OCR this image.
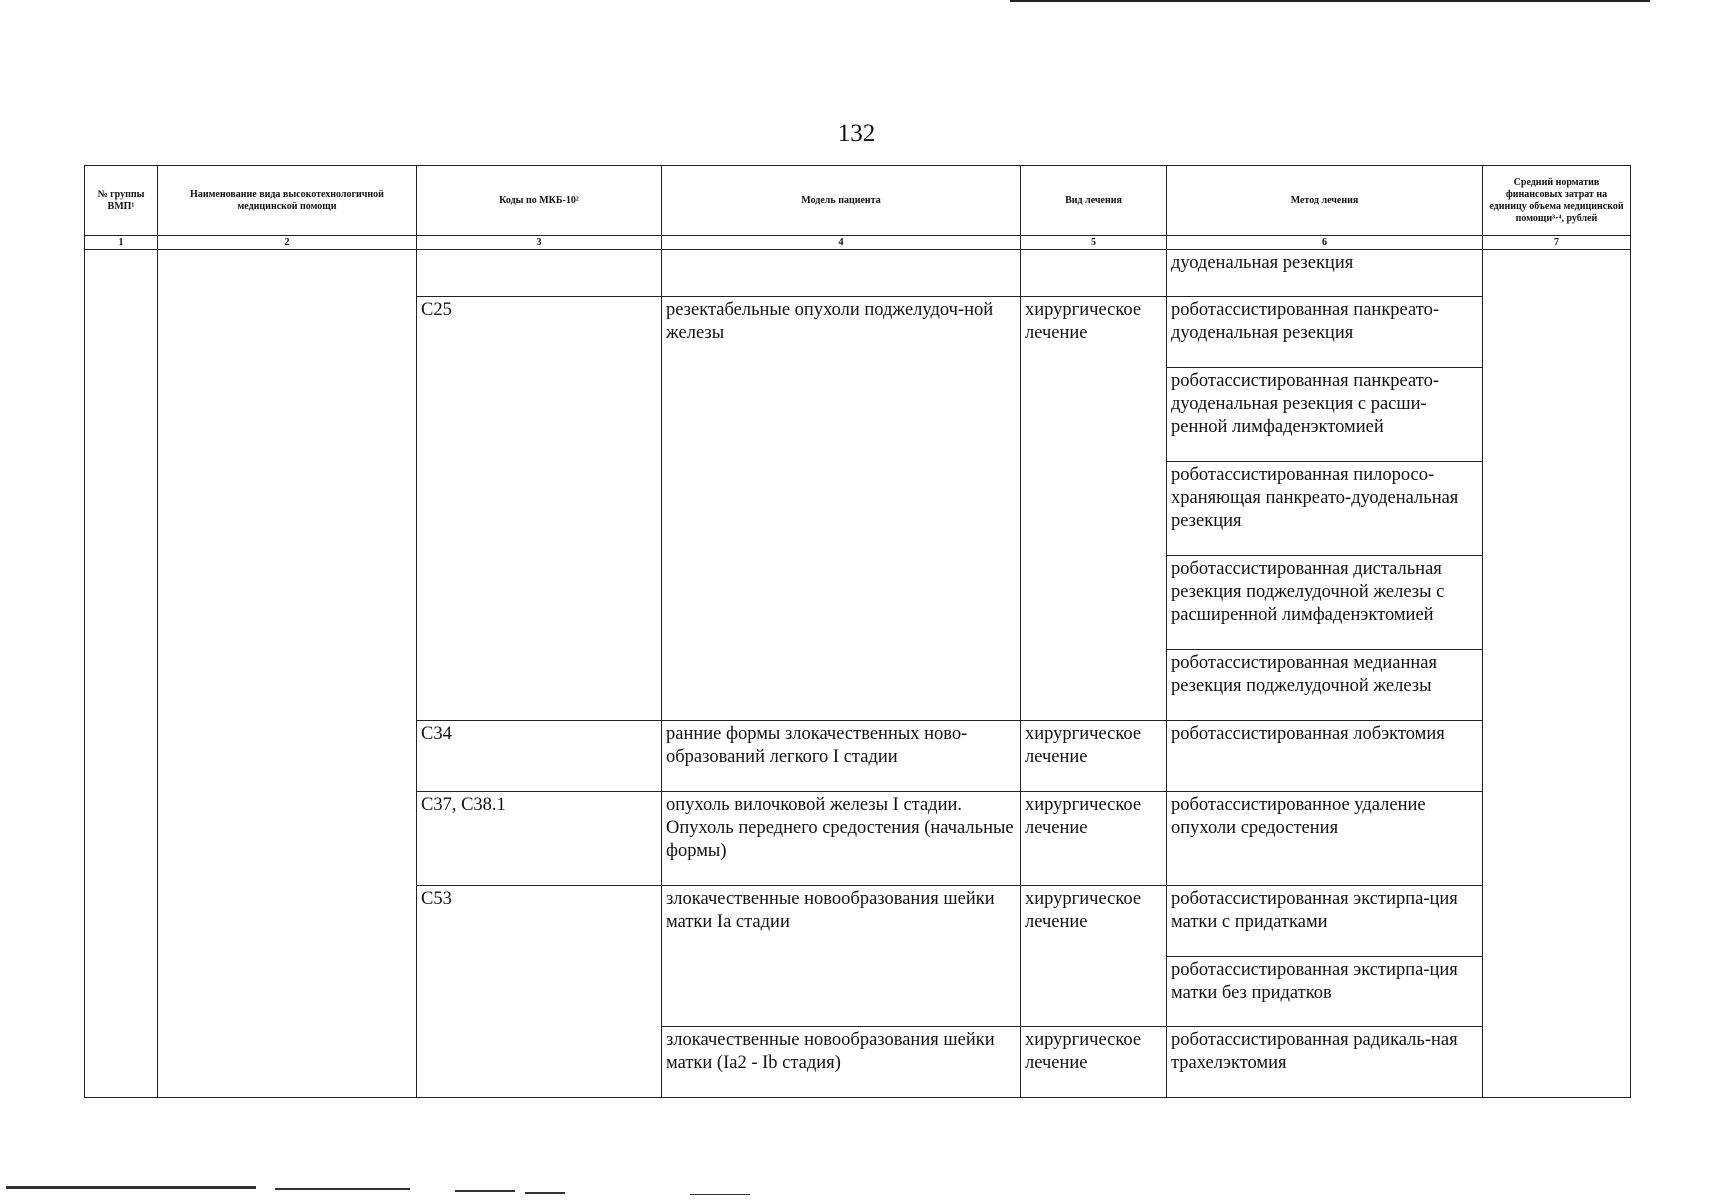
132
№ группы ВМП¹	Наименование вида высокотехнологичной медицинской помощи	Коды по МКБ-10²	Модель пациента	Вид лечения	Метод лечения	Средний норматив финансовых затрат на единицу объема медицинской помощи³·⁴, рублей
1	2	3	4	5	6	7

					дуоденальная резекция	

		C25	резектабельные опухоли поджелудоч-ной железы	хирургическое лечение	роботассистированная панкреато-дуоденальная резекция	

					роботассистированная панкреато-дуоденальная резекция с расши-ренной лимфаденэктомией	

					роботассистированная пилоросо-храняющая панкреато-дуоденальная резекция	

					роботассистированная дистальная резекция поджелудочной железы с расширенной лимфаденэктомией	

					роботассистированная медианная резекция поджелудочной железы	

		C34	ранние формы злокачественных ново-образований легкого I стадии	хирургическое лечение	роботассистированная лобэктомия	

		C37, C38.1	опухоль вилочковой железы I стадии. Опухоль переднего средостения (начальные формы)	хирургическое лечение	роботассистированное удаление опухоли средостения	

		C53	злокачественные новообразования шейки матки Ia стадии	хирургическое лечение	роботассистированная экстирпа-ция матки с придатками	

					роботассистированная экстирпа-ция матки без придатков	

			злокачественные новообразования шейки матки (Ia2 - Ib стадия)	хирургическое лечение	роботассистированная радикаль-ная трахелэктомия	
